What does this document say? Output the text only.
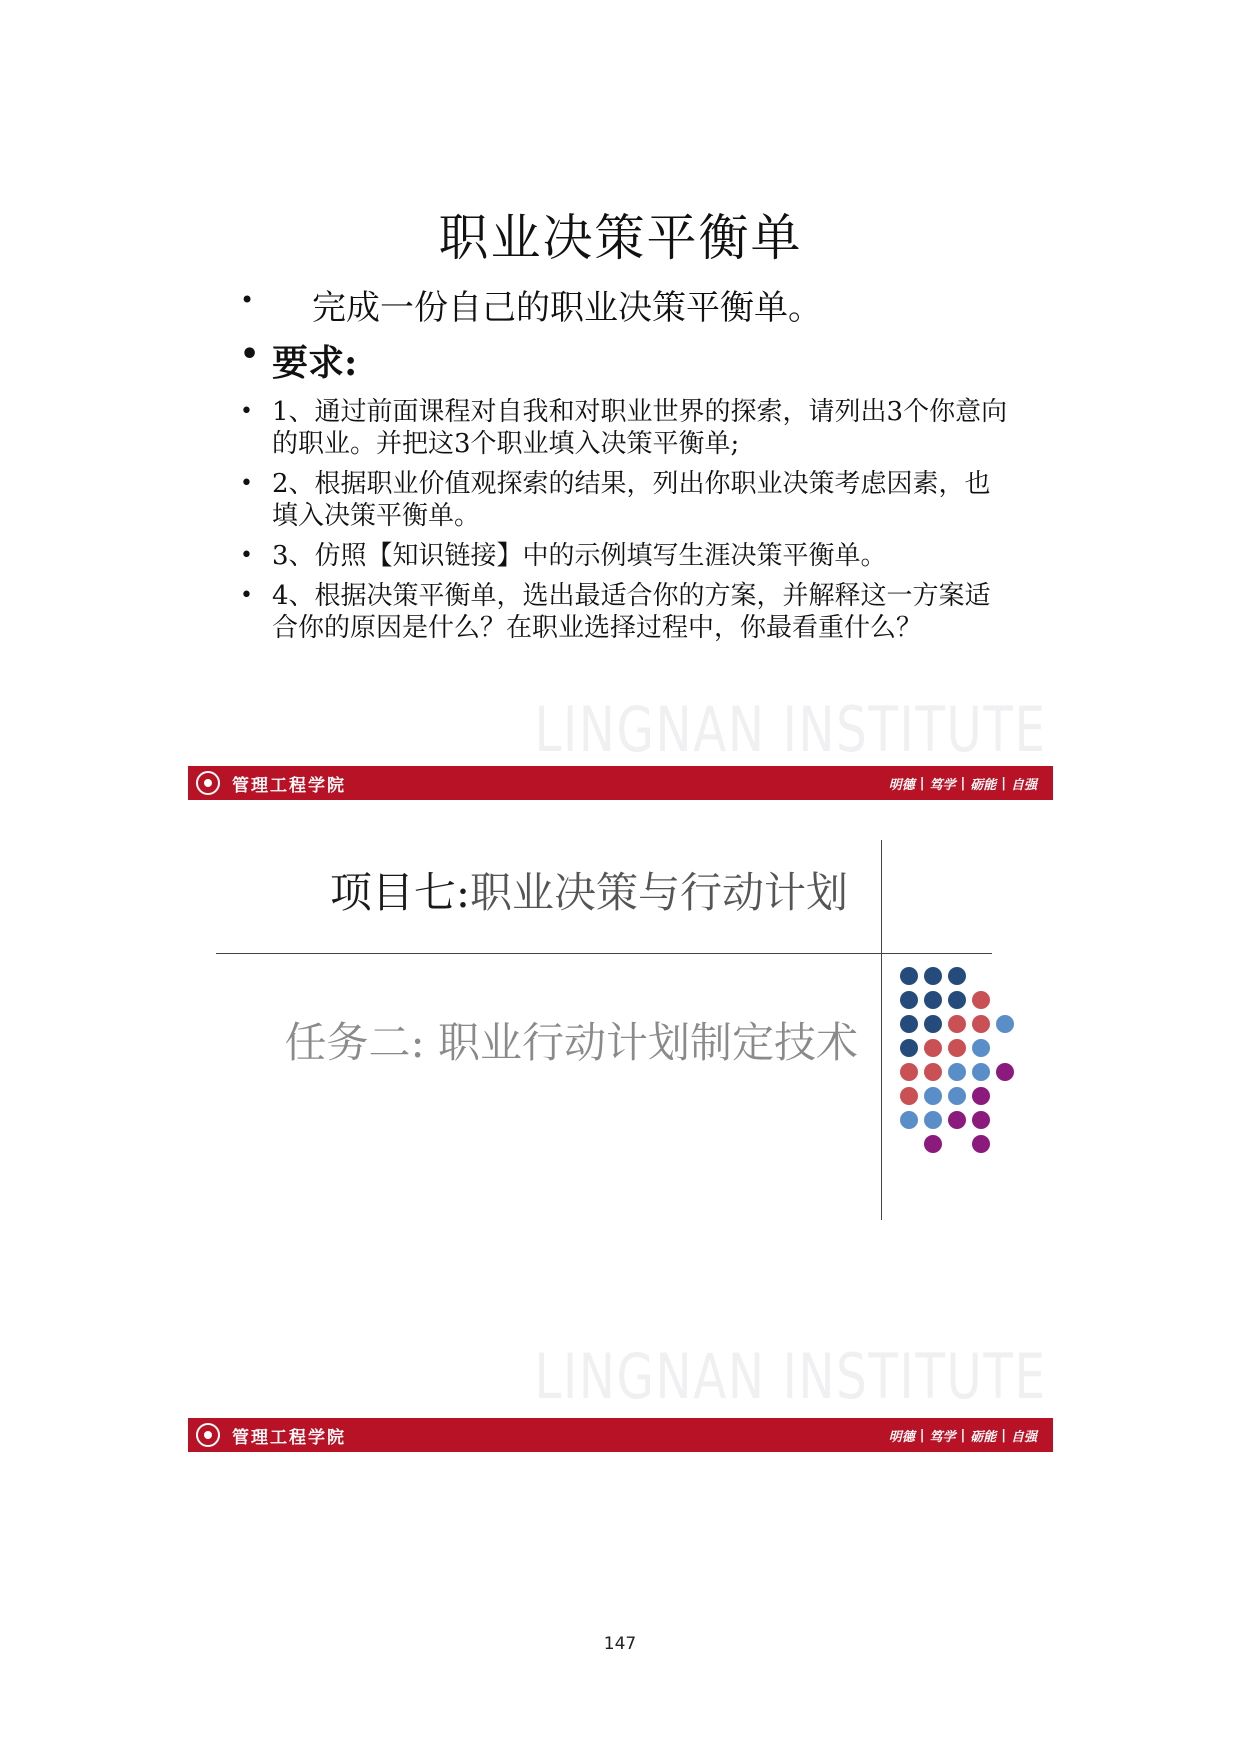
职业决策平衡单
• 完成一份自己的职业决策平衡单。
• 要求:
• 1、通过前面课程对自我和对职业世界的探索，请列出3个你意向的职业。并把这3个职业填入决策平衡单;
• 2、根据职业价值观探索的结果，列出你职业决策考虑因素，也填入决策平衡单。
• 3、仿照【知识链接】中的示例填写生涯决策平衡单。
• 4、根据决策平衡单，选出最适合你的方案，并解释这一方案适合你的原因是什么？在职业选择过程中，你最看重什么？
LINGNAN INSTITUTE
管理工程学院	明德 | 笃学 | 砺能 | 自强
项目七:职业决策与行动计划
任务二: 职业行动计划制定技术
LINGNAN INSTITUTE
管理工程学院	明德 | 笃学 | 砺能 | 自强
147
